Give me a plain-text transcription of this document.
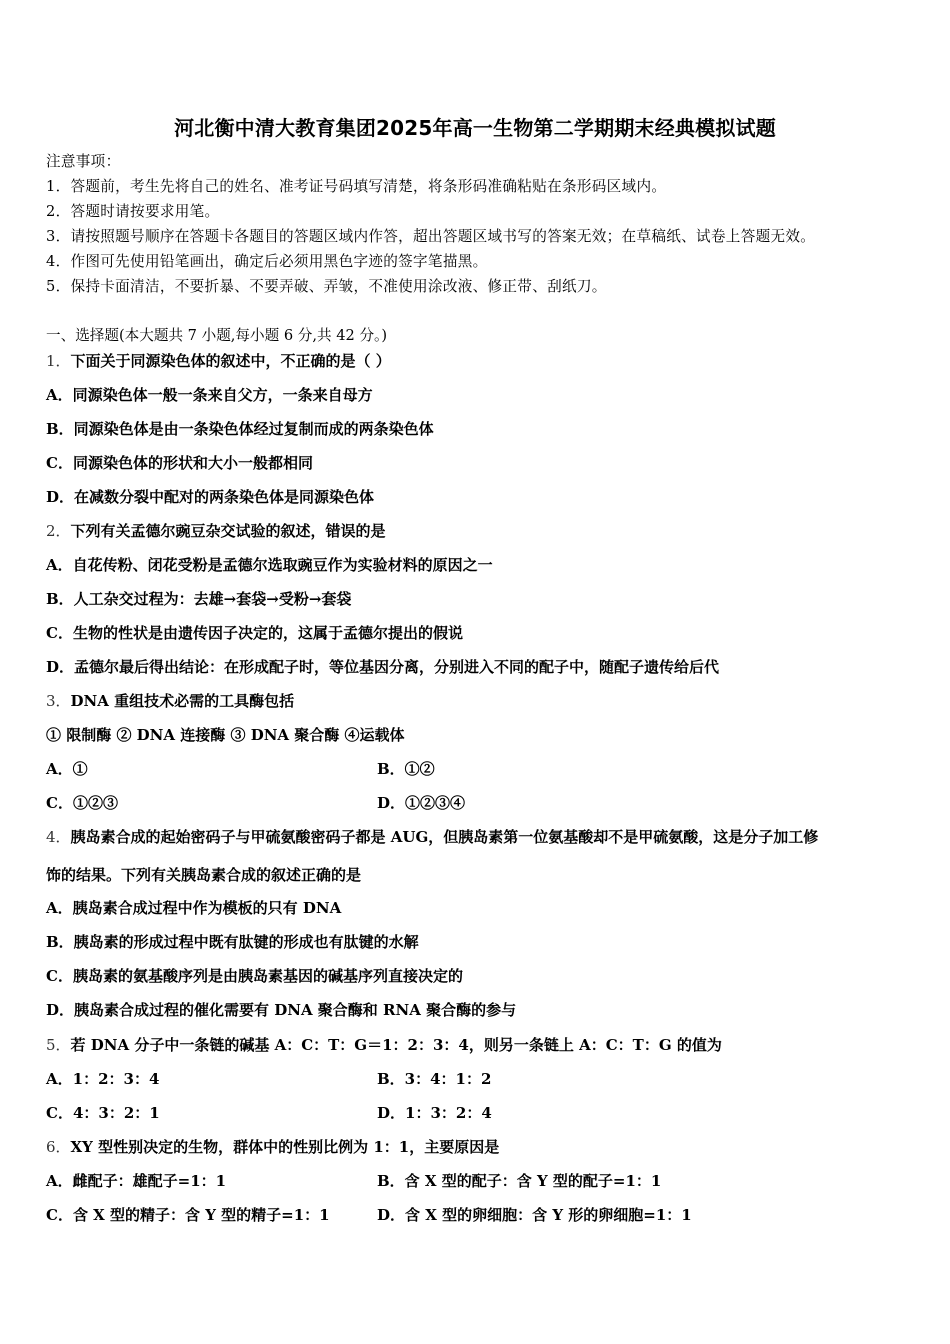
河北衡中清大教育集团2025年高一生物第二学期期末经典模拟试题
注意事项：
1．答题前，考生先将自己的姓名、准考证号码填写清楚，将条形码准确粘贴在条形码区域内。
2．答题时请按要求用笔。
3．请按照题号顺序在答题卡各题目的答题区域内作答，超出答题区域书写的答案无效；在草稿纸、试卷上答题无效。
4．作图可先使用铅笔画出，确定后必须用黑色字迹的签字笔描黑。
5．保持卡面清洁，不要折暴、不要弄破、弄皱，不准使用涂改液、修正带、刮纸刀。
一、选择题(本大题共 7 小题,每小题 6 分,共 42 分。)
1．下面关于同源染色体的叙述中，不正确的是（ ）
A．同源染色体一般一条来自父方，一条来自母方
B．同源染色体是由一条染色体经过复制而成的两条染色体
C．同源染色体的形状和大小一般都相同
D．在减数分裂中配对的两条染色体是同源染色体
2．下列有关孟德尔豌豆杂交试验的叙述，错误的是
A．自花传粉、闭花受粉是孟德尔选取豌豆作为实验材料的原因之一
B．人工杂交过程为：去雄→套袋→受粉→套袋
C．生物的性状是由遗传因子决定的，这属于孟德尔提出的假说
D．孟德尔最后得出结论：在形成配子时，等位基因分离，分别进入不同的配子中，随配子遗传给后代
3．DNA 重组技术必需的工具酶包括
① 限制酶 ② DNA 连接酶 ③ DNA 聚合酶 ④运载体
A．①	B．①②
C．①②③	D．①②③④
4．胰岛素合成的起始密码子与甲硫氨酸密码子都是 AUG，但胰岛素第一位氨基酸却不是甲硫氨酸，这是分子加工修
饰的结果。下列有关胰岛素合成的叙述正确的是
A．胰岛素合成过程中作为模板的只有 DNA
B．胰岛素的形成过程中既有肽键的形成也有肽键的水解
C．胰岛素的氨基酸序列是由胰岛素基因的碱基序列直接决定的
D．胰岛素合成过程的催化需要有 DNA 聚合酶和 RNA 聚合酶的参与
5．若 DNA 分子中一条链的碱基 A：C：T：G＝1：2：3：4，则另一条链上 A：C：T：G 的值为
A．1：2：3：4	B．3：4：1：2
C．4：3：2：1	D．1：3：2：4
6．XY 型性别决定的生物，群体中的性别比例为 1：1，主要原因是
A．雌配子：雄配子=1：1	B．含 X 型的配子：含 Y 型的配子=1：1
C．含 X 型的精子：含 Y 型的精子=1：1	D．含 X 型的卵细胞：含 Y 形的卵细胞=1：1
